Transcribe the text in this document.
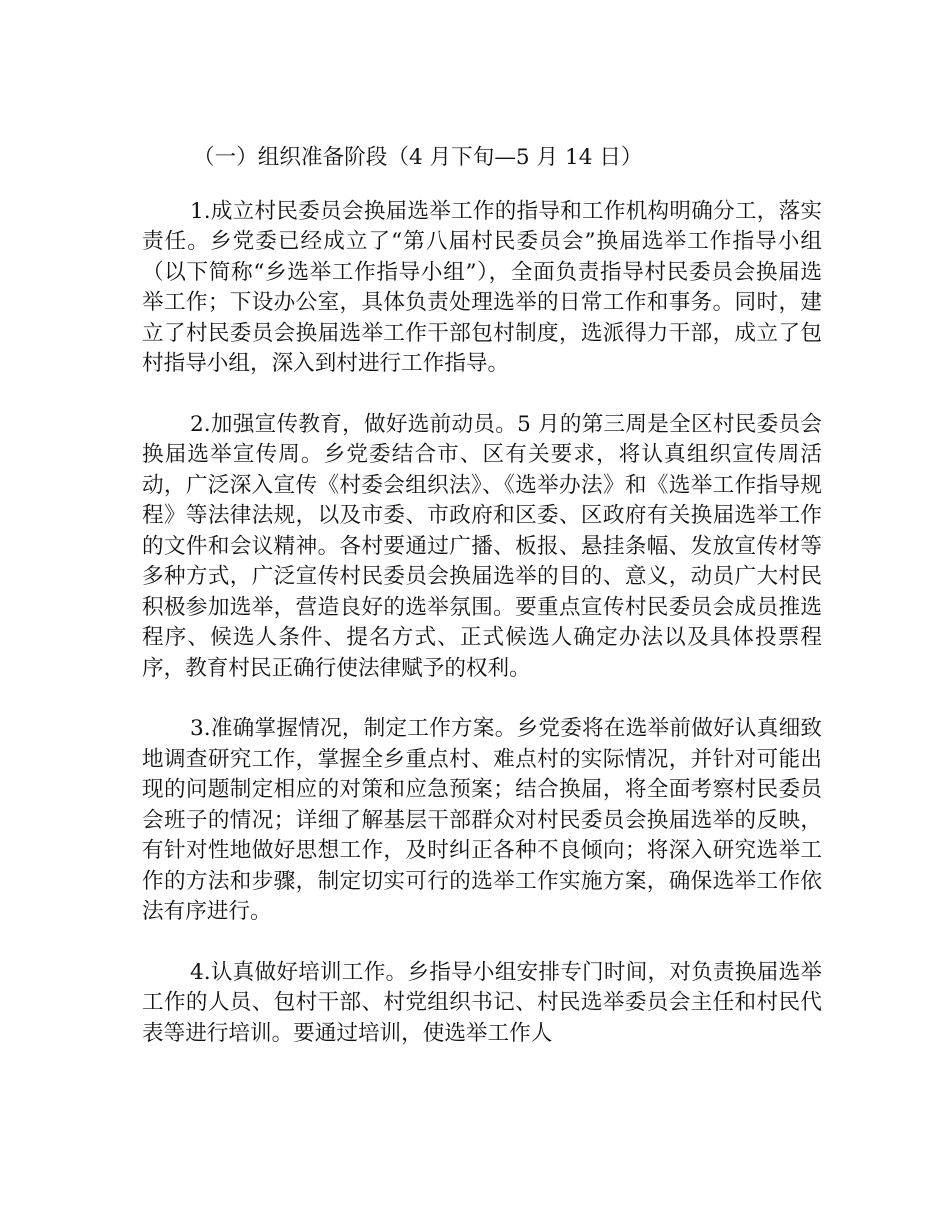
（一）组织准备阶段（4 月下旬—5 月 14 日）

1.成立村民委员会换届选举工作的指导和工作机构明确分工，落实责任。乡党委已经成立了“第八届村民委员会”换届选举工作指导小组（以下简称“乡选举工作指导小组”），全面负责指导村民委员会换届选举工作；下设办公室，具体负责处理选举的日常工作和事务。同时，建立了村民委员会换届选举工作干部包村制度，选派得力干部，成立了包村指导小组，深入到村进行工作指导。

2.加强宣传教育，做好选前动员。5 月的第三周是全区村民委员会换届选举宣传周。乡党委结合市、区有关要求，将认真组织宣传周活动，广泛深入宣传《村委会组织法》、《选举办法》和《选举工作指导规程》等法律法规，以及市委、市政府和区委、区政府有关换届选举工作的文件和会议精神。各村要通过广播、板报、悬挂条幅、发放宣传材等多种方式，广泛宣传村民委员会换届选举的目的、意义，动员广大村民积极参加选举，营造良好的选举氛围。要重点宣传村民委员会成员推选程序、候选人条件、提名方式、正式候选人确定办法以及具体投票程序，教育村民正确行使法律赋予的权利。

3.准确掌握情况，制定工作方案。乡党委将在选举前做好认真细致地调查研究工作，掌握全乡重点村、难点村的实际情况，并针对可能出现的问题制定相应的对策和应急预案；结合换届，将全面考察村民委员会班子的情况；详细了解基层干部群众对村民委员会换届选举的反映，有针对性地做好思想工作，及时纠正各种不良倾向；将深入研究选举工作的方法和步骤，制定切实可行的选举工作实施方案，确保选举工作依法有序进行。

4.认真做好培训工作。乡指导小组安排专门时间，对负责换届选举工作的人员、包村干部、村党组织书记、村民选举委员会主任和村民代表等进行培训。要通过培训，使选举工作人
